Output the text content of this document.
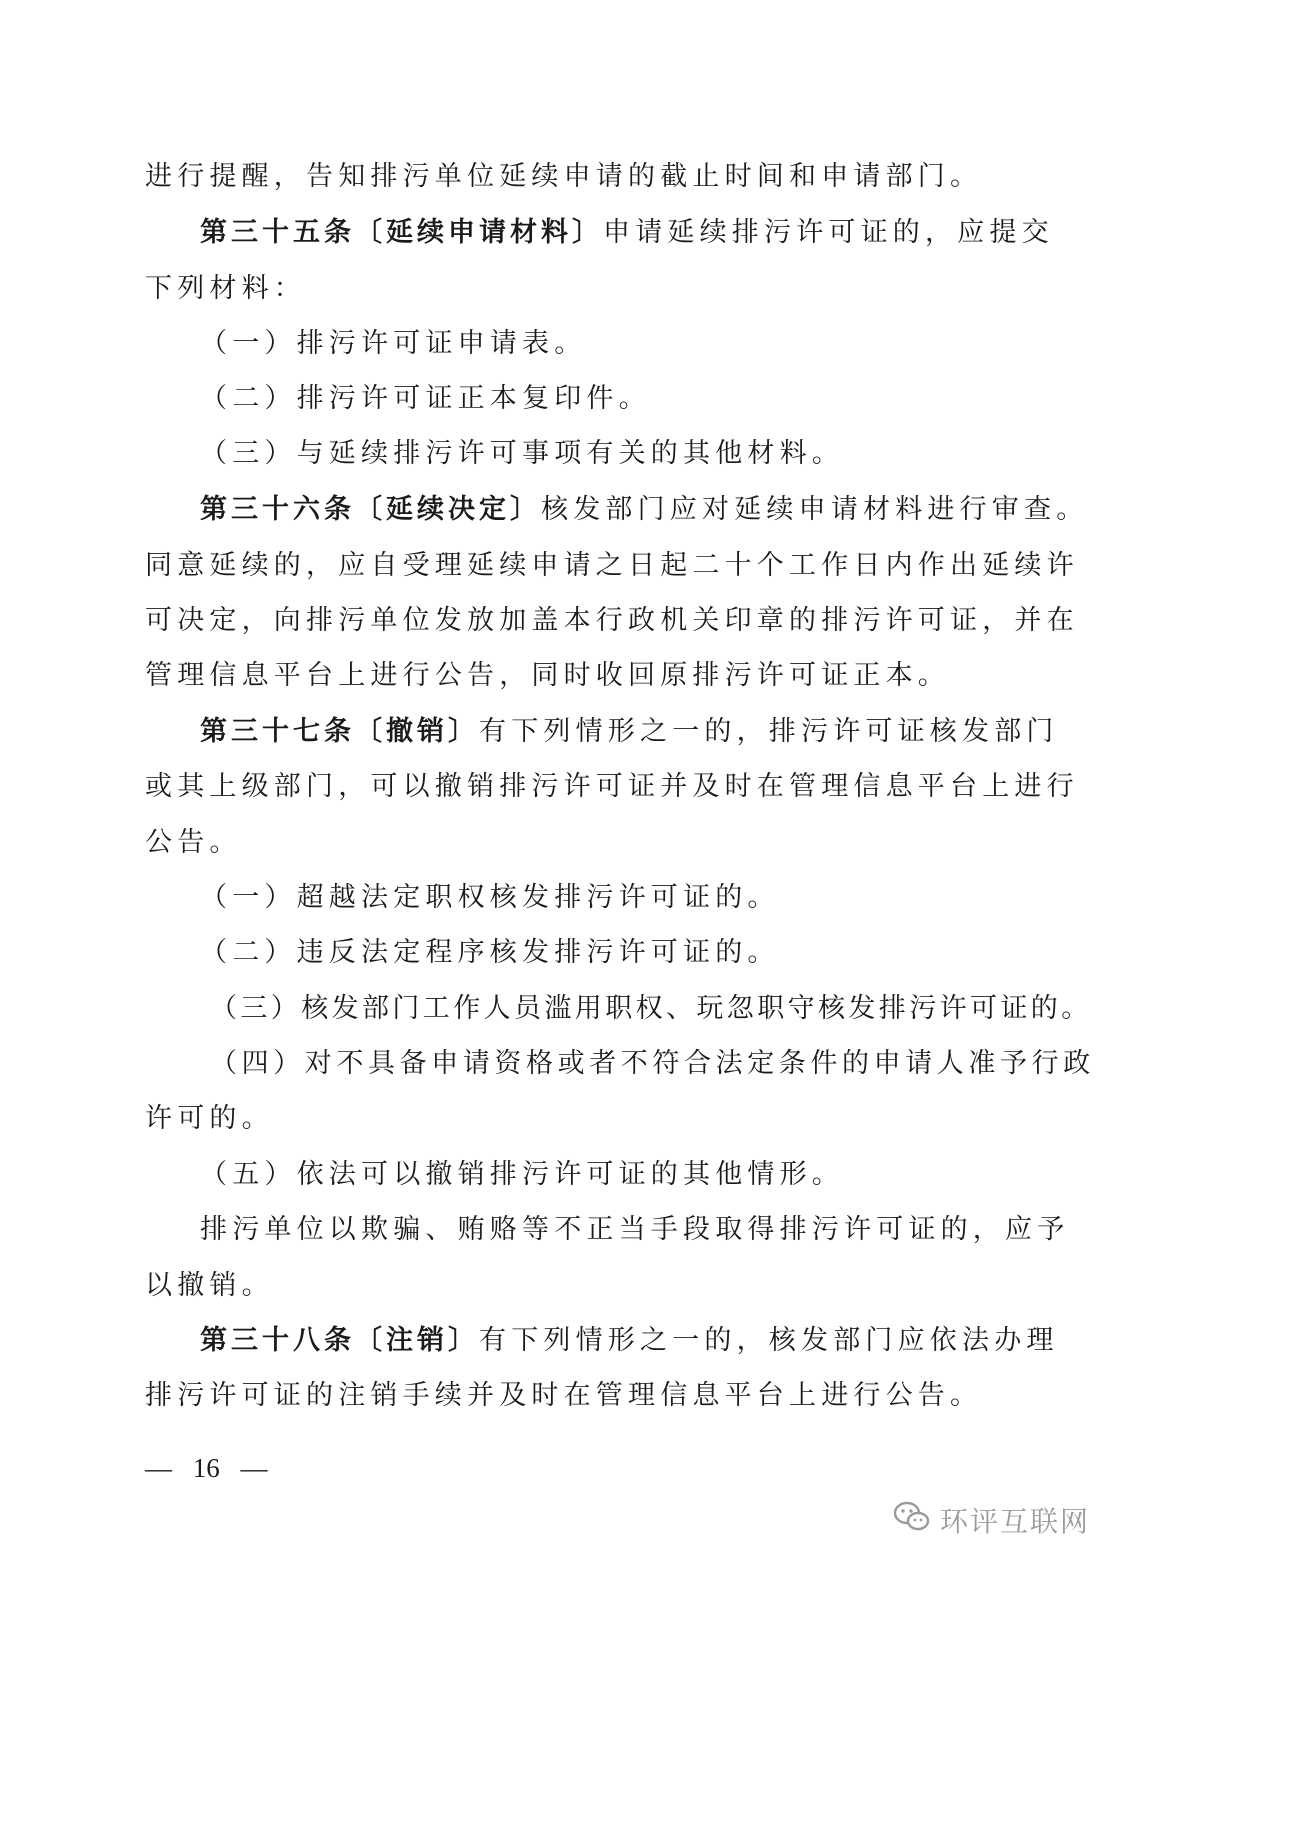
进行提醒，告知排污单位延续申请的截止时间和申请部门。
第三十五条〔延续申请材料〕申请延续排污许可证的，应提交
下列材料：
（一）排污许可证申请表。
（二）排污许可证正本复印件。
（三）与延续排污许可事项有关的其他材料。
第三十六条〔延续决定〕核发部门应对延续申请材料进行审查。
同意延续的，应自受理延续申请之日起二十个工作日内作出延续许
可决定，向排污单位发放加盖本行政机关印章的排污许可证，并在
管理信息平台上进行公告，同时收回原排污许可证正本。
第三十七条〔撤销〕有下列情形之一的，排污许可证核发部门
或其上级部门，可以撤销排污许可证并及时在管理信息平台上进行
公告。
（一）超越法定职权核发排污许可证的。
（二）违反法定程序核发排污许可证的。
（三）核发部门工作人员滥用职权、玩忽职守核发排污许可证的。
（四）对不具备申请资格或者不符合法定条件的申请人准予行政
许可的。
（五）依法可以撤销排污许可证的其他情形。
排污单位以欺骗、贿赂等不正当手段取得排污许可证的，应予
以撤销。
第三十八条〔注销〕有下列情形之一的，核发部门应依法办理
排污许可证的注销手续并及时在管理信息平台上进行公告。
— 16 —
环评互联网
